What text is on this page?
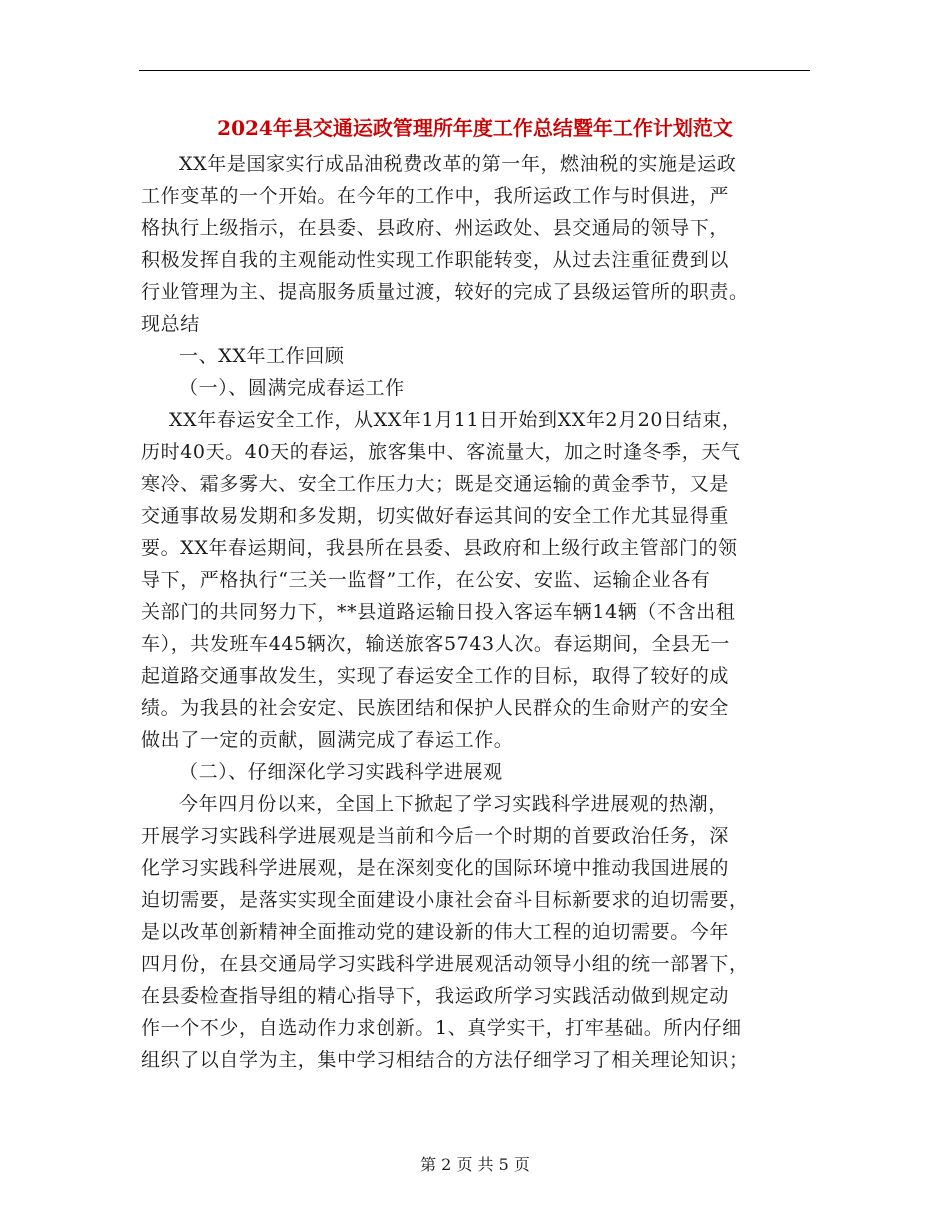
2024年县交通运政管理所年度工作总结暨年工作计划范文
XX年是国家实行成品油税费改革的第一年，燃油税的实施是运政
工作变革的一个开始。在今年的工作中，我所运政工作与时俱进，严
格执行上级指示，在县委、县政府、州运政处、县交通局的领导下，
积极发挥自我的主观能动性实现工作职能转变，从过去注重征费到以
行业管理为主、提高服务质量过渡，较好的完成了县级运管所的职责。
现总结
一、XX年工作回顾
（一）、圆满完成春运工作
XX年春运安全工作，从XX年1月11日开始到XX年2月20日结束，
历时40天。40天的春运，旅客集中、客流量大，加之时逢冬季，天气
寒冷、霜多雾大、安全工作压力大；既是交通运输的黄金季节，又是
交通事故易发期和多发期，切实做好春运其间的安全工作尤其显得重
要。XX年春运期间，我县所在县委、县政府和上级行政主管部门的领
导下，严格执行“三关一监督”工作，在公安、安监、运输企业各有
关部门的共同努力下，**县道路运输日投入客运车辆14辆（不含出租
车），共发班车445辆次，输送旅客5743人次。春运期间，全县无一
起道路交通事故发生，实现了春运安全工作的目标，取得了较好的成
绩。为我县的社会安定、民族团结和保护人民群众的生命财产的安全
做出了一定的贡献，圆满完成了春运工作。
（二）、仔细深化学习实践科学进展观
今年四月份以来，全国上下掀起了学习实践科学进展观的热潮，
开展学习实践科学进展观是当前和今后一个时期的首要政治任务，深
化学习实践科学进展观，是在深刻变化的国际环境中推动我国进展的
迫切需要，是落实实现全面建设小康社会奋斗目标新要求的迫切需要，
是以改革创新精神全面推动党的建设新的伟大工程的迫切需要。今年
四月份，在县交通局学习实践科学进展观活动领导小组的统一部署下，
在县委检查指导组的精心指导下，我运政所学习实践活动做到规定动
作一个不少，自选动作力求创新。1、真学实干，打牢基础。所内仔细
组织了以自学为主，集中学习相结合的方法仔细学习了相关理论知识；
第 2 页 共 5 页
